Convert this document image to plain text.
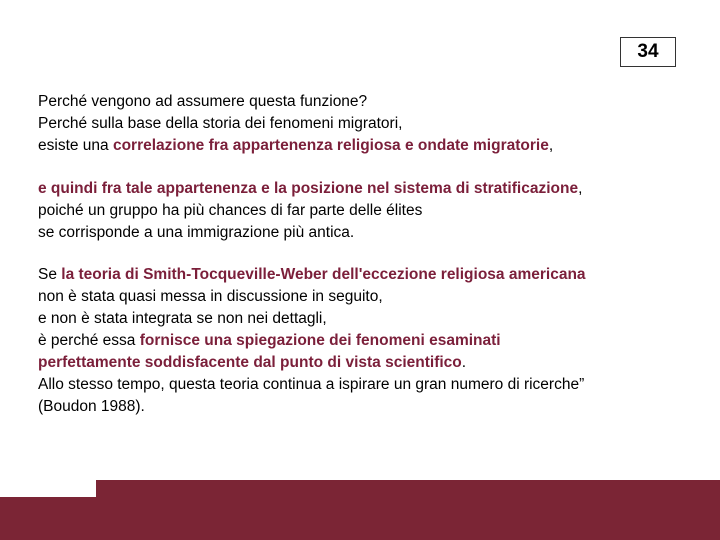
34
Perché vengono ad assumere questa funzione?
Perché sulla base della storia dei fenomeni migratori,
esiste una correlazione fra appartenenza religiosa e ondate migratorie,
e quindi fra tale appartenenza e la posizione nel sistema di stratificazione,
poiché un gruppo ha più chances di far parte delle élites
se corrisponde a una immigrazione più antica.
Se la teoria di Smith-Tocqueville-Weber dell'eccezione religiosa americana
non è stata quasi messa in discussione in seguito,
e non è stata integrata se non nei dettagli,
è perché essa fornisce una spiegazione dei fenomeni esaminati
perfettamente soddisfacente dal punto di vista scientifico.
Allo stesso tempo, questa teoria continua a ispirare un gran numero di ricerche”
(Boudon 1988).
